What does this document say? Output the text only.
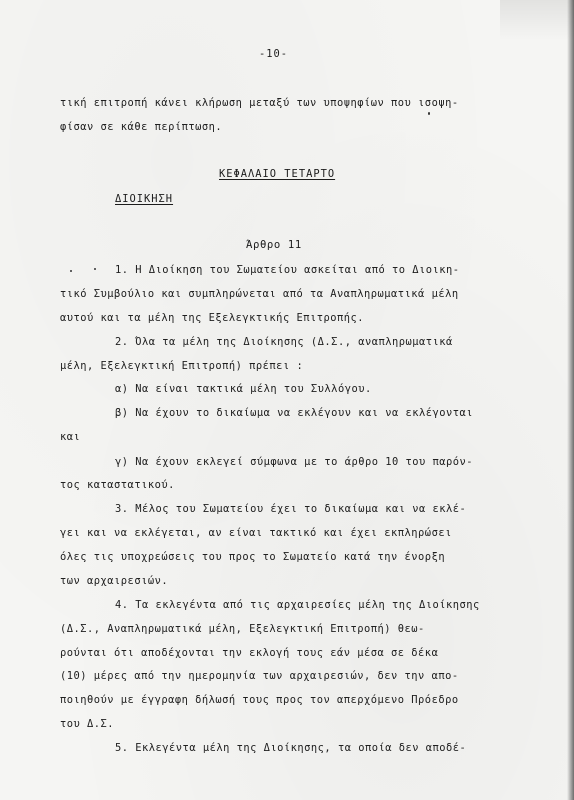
-10-
τική επιτροπή κάνει κλήρωση μεταξύ των υποψηφίων που ισοψη-
φίσαν σε κάθε περίπτωση.
ΚΕΦΑΛΑΙΟ ΤΕΤΑΡΤΟ
ΔΙΟΙΚΗΣΗ
Άρθρο 11
1. Η Διοίκηση του Σωματείου ασκείται από το Διοικη-
τικό Συμβούλιο και συμπληρώνεται από τα Αναπληρωματικά μέλη
αυτού και τα μέλη της Εξελεγκτικής Επιτροπής.
2. Όλα τα μέλη της Διοίκησης (Δ.Σ., αναπληρωματικά
μέλη, Εξελεγκτική Επιτροπή) πρέπει :
α) Να είναι τακτικά μέλη του Συλλόγου.
β) Να έχουν το δικαίωμα να εκλέγουν και να εκλέγονται
και
γ) Να έχουν εκλεγεί σύμφωνα με το άρθρο 10 του παρόν-
τος καταστατικού.
3. Μέλος του Σωματείου έχει το δικαίωμα και να εκλέ-
γει και να εκλέγεται, αν είναι τακτικό και έχει εκπληρώσει
όλες τις υποχρεώσεις του προς το Σωματείο κατά την ένορξη
των αρχαιρεσιών.
4. Τα εκλεγέντα από τις αρχαιρεσίες μέλη της Διοίκησης
(Δ.Σ., Αναπληρωματικά μέλη, Εξελεγκτική Επιτροπή) θεω-
ρούνται ότι αποδέχονται την εκλογή τους εάν μέσα σε δέκα
(10) μέρες από την ημερομηνία των αρχαιρεσιών, δεν την απο-
ποιηθούν με έγγραφη δήλωσή τους προς τον απερχόμενο Πρόεδρο
του Δ.Σ.
5. Εκλεγέντα μέλη της Διοίκησης, τα οποία δεν αποδέ-
